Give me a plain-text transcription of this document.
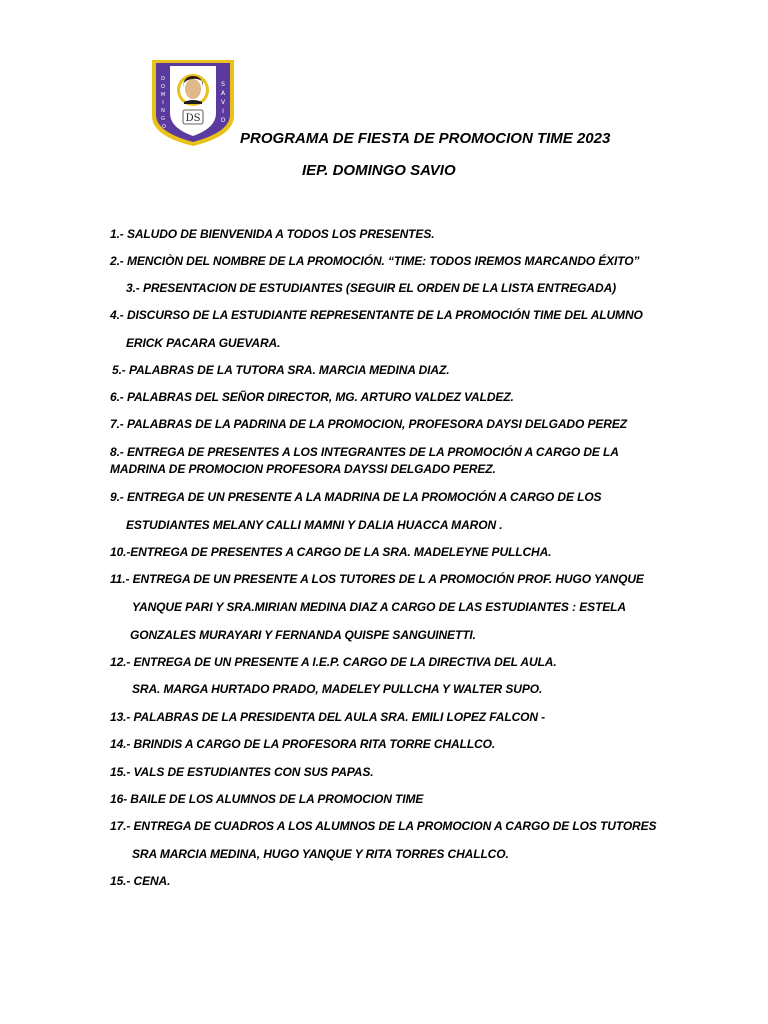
DS
D
O
M
I
N
G
O
S
A
V
I
O
PROGRAMA DE FIESTA DE PROMOCION TIME 2023
IEP. DOMINGO SAVIO
1.- SALUDO DE BIENVENIDA A TODOS LOS PRESENTES.
2.- MENCIÒN DEL NOMBRE DE LA PROMOCIÓN. “TIME: TODOS IREMOS MARCANDO ÉXITO”
3.- PRESENTACION DE ESTUDIANTES (SEGUIR EL ORDEN DE LA LISTA ENTREGADA)
4.- DISCURSO DE LA ESTUDIANTE REPRESENTANTE DE LA PROMOCIÓN TIME DEL ALUMNO
ERICK PACARA GUEVARA.
5.- PALABRAS DE LA TUTORA SRA. MARCIA MEDINA DIAZ.
6.- PALABRAS DEL SEÑOR DIRECTOR, MG. ARTURO VALDEZ VALDEZ.
7.- PALABRAS DE LA PADRINA DE LA PROMOCION, PROFESORA DAYSI DELGADO PEREZ
8.- ENTREGA DE PRESENTES A LOS INTEGRANTES DE LA PROMOCIÓN A CARGO DE LA
MADRINA DE PROMOCION PROFESORA DAYSSI DELGADO PEREZ.
9.- ENTREGA DE UN PRESENTE A LA MADRINA DE LA PROMOCIÓN A CARGO DE LOS
ESTUDIANTES MELANY CALLI MAMNI Y DALIA HUACCA MARON .
10.-ENTREGA DE PRESENTES A CARGO DE LA SRA. MADELEYNE PULLCHA.
11.- ENTREGA DE UN PRESENTE A LOS TUTORES DE L A PROMOCIÓN PROF. HUGO YANQUE
YANQUE PARI Y SRA.MIRIAN MEDINA DIAZ A CARGO DE LAS ESTUDIANTES : ESTELA
GONZALES MURAYARI Y FERNANDA QUISPE SANGUINETTI.
12.- ENTREGA DE UN PRESENTE A I.E.P. CARGO DE LA DIRECTIVA DEL AULA.
SRA. MARGA HURTADO PRADO, MADELEY PULLCHA Y WALTER SUPO.
13.- PALABRAS DE LA PRESIDENTA DEL AULA SRA. EMILI LOPEZ FALCON -
14.- BRINDIS A CARGO DE LA PROFESORA RITA TORRE CHALLCO.
15.- VALS DE ESTUDIANTES CON SUS PAPAS.
16- BAILE DE LOS ALUMNOS DE LA PROMOCION TIME
17.- ENTREGA DE CUADROS A LOS ALUMNOS DE LA PROMOCION A CARGO DE LOS TUTORES
SRA MARCIA MEDINA, HUGO YANQUE Y RITA TORRES CHALLCO.
15.- CENA.
